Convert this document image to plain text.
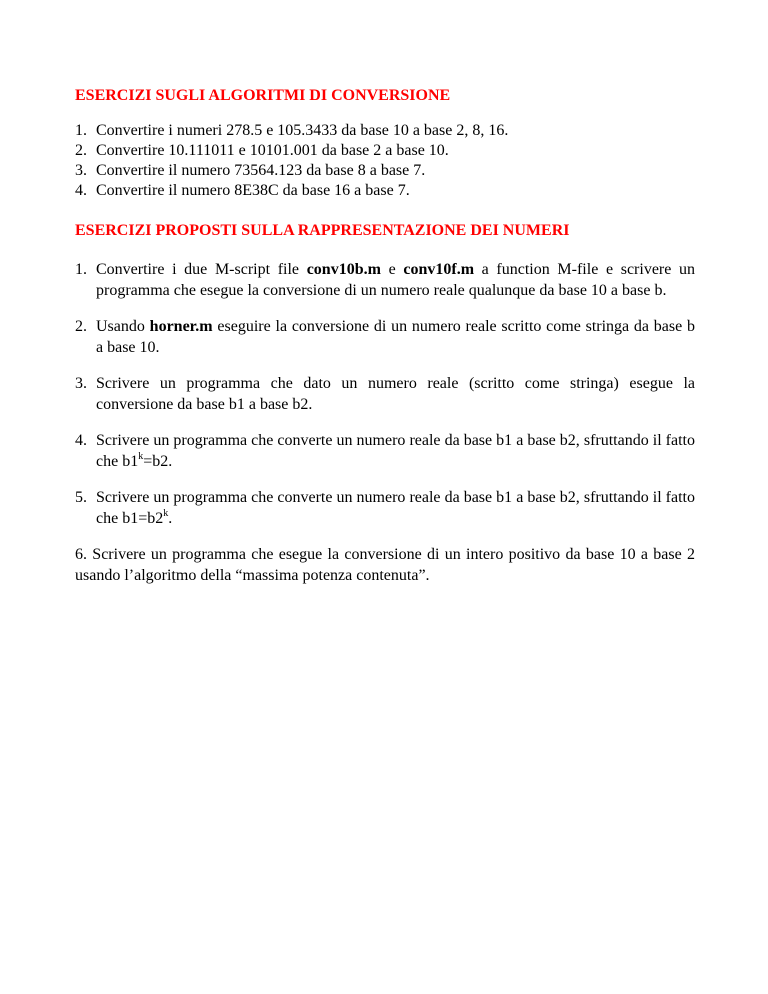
ESERCIZI SUGLI ALGORITMI DI CONVERSIONE

1. Convertire i numeri 278.5 e 105.3433 da base 10 a base 2, 8, 16.
2. Convertire 10.111011 e 10101.001 da base 2 a base 10.
3. Convertire il numero 73564.123 da base 8 a base 7.
4. Convertire il numero 8E38C da base 16 a base 7.

ESERCIZI PROPOSTI SULLA RAPPRESENTAZIONE DEI NUMERI

1. Convertire i due M-script file conv10b.m e conv10f.m a function M-file e scrivere un programma che esegue la conversione di un numero reale qualunque da base 10 a base b.
2. Usando horner.m eseguire la conversione di un numero reale scritto come stringa da base b a base 10.
3. Scrivere un programma che dato un numero reale (scritto come stringa) esegue la conversione da base b1 a base b2.
4. Scrivere un programma che converte un numero reale da base b1 a base b2, sfruttando il fatto che $b1^k=b2$.
5. Scrivere un programma che converte un numero reale da base b1 a base b2, sfruttando il fatto che $b1=b2^k$.

6. Scrivere un programma che esegue la conversione di un intero positivo da base 10 a base 2 usando l’algoritmo della “massima potenza contenuta”.
